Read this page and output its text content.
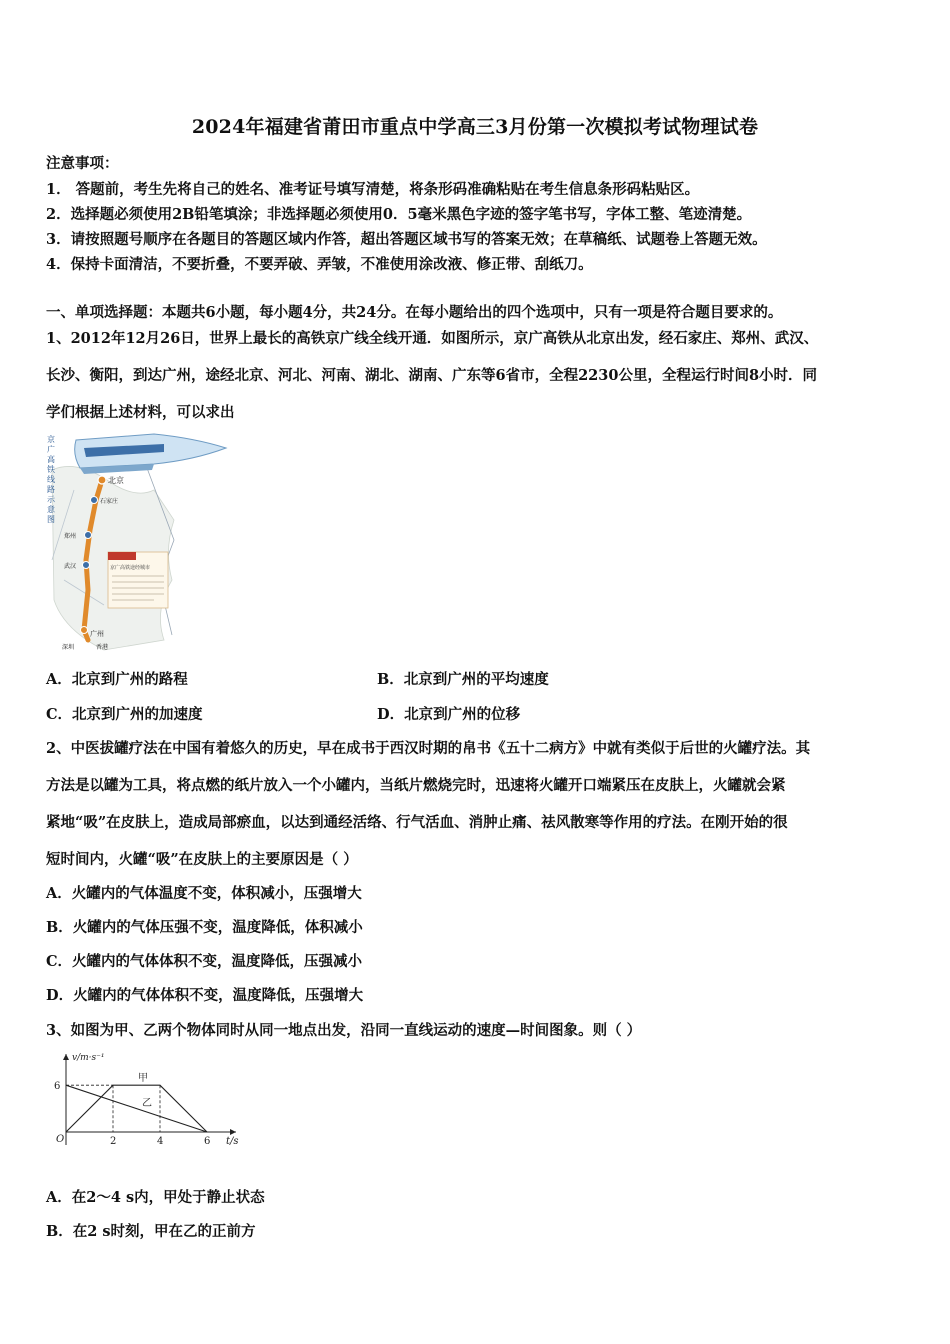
2024年福建省莆田市重点中学高三3月份第一次模拟考试物理试卷
注意事项：
1． 答题前，考生先将自己的姓名、准考证号填写清楚，将条形码准确粘贴在考生信息条形码粘贴区。
2．选择题必须使用2B铅笔填涂；非选择题必须使用0．5毫米黑色字迹的签字笔书写，字体工整、笔迹清楚。
3．请按照题号顺序在各题目的答题区域内作答，超出答题区域书写的答案无效；在草稿纸、试题卷上答题无效。
4．保持卡面清洁，不要折叠，不要弄破、弄皱，不准使用涂改液、修正带、刮纸刀。
一、单项选择题：本题共6小题，每小题4分，共24分。在每小题给出的四个选项中，只有一项是符合题目要求的。
1、2012年12月26日，世界上最长的高铁京广线全线开通．如图所示，京广高铁从北京出发，经石家庄、郑州、武汉、
长沙、衡阳，到达广州，途经北京、河北、河南、湖北、湖南、广东等6省市，全程2230公里，全程运行时间8小时．同
学们根据上述材料，可以求出
京 广 高 铁 线 路 示 意 图
北京
石家庄
郑州
武汉
广州
深圳	香港
京广高铁途经城市
A．北京到广州的路程	B．北京到广州的平均速度
C．北京到广州的加速度	D．北京到广州的位移
2、中医拔罐疗法在中国有着悠久的历史，早在成书于西汉时期的帛书《五十二病方》中就有类似于后世的火罐疗法。其
方法是以罐为工具，将点燃的纸片放入一个小罐内，当纸片燃烧完时，迅速将火罐开口端紧压在皮肤上，火罐就会紧
紧地“吸”在皮肤上，造成局部瘀血，以达到通经活络、行气活血、消肿止痛、祛风散寒等作用的疗法。在刚开始的很
短时间内，火罐“吸”在皮肤上的主要原因是（ ）
A．火罐内的气体温度不变，体积减小，压强增大
B．火罐内的气体压强不变，温度降低，体积减小
C．火罐内的气体体积不变，温度降低，压强减小
D．火罐内的气体体积不变，温度降低，压强增大
3、如图为甲、乙两个物体同时从同一地点出发，沿同一直线运动的速度—时间图象。则（ ）
v/m·s⁻¹
t/s
O
6
2	4	6
甲
乙
A．在2～4 s内，甲处于静止状态
B．在2 s时刻，甲在乙的正前方
